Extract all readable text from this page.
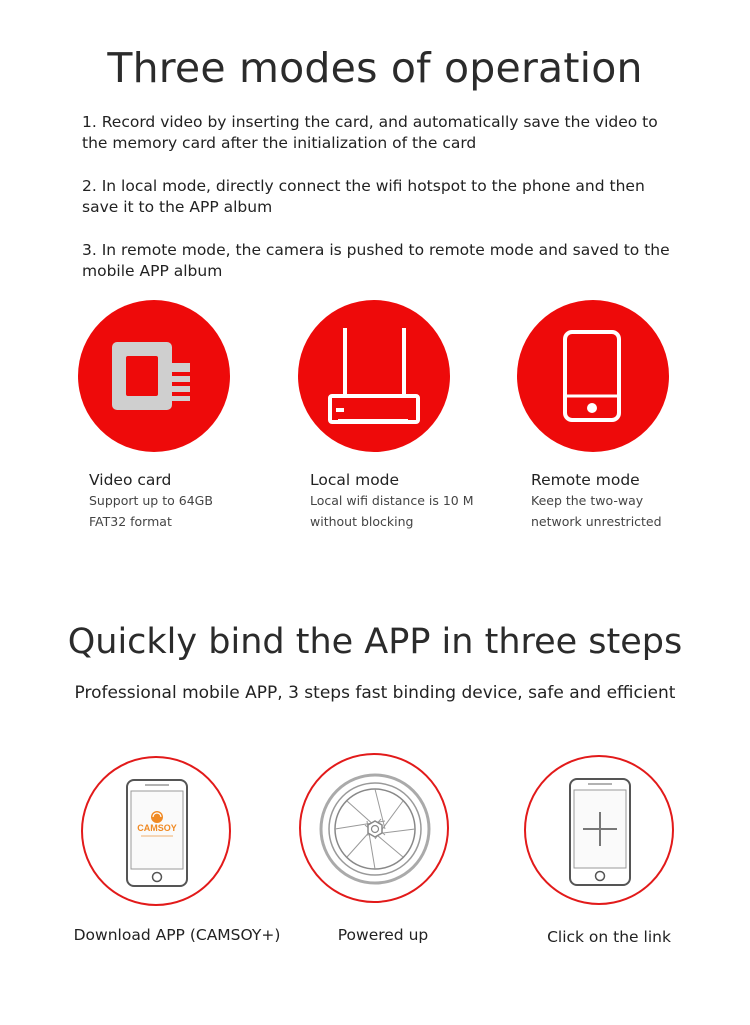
Three modes of operation

1. Record video by inserting the card, and automatically save the video to the memory card after the initialization of the card

2. In local mode, directly connect the wifi hotspot to the phone and then save it to the APP album

3. In remote mode, the camera is pushed to remote mode and saved to the mobile APP album

Video card

Support up to 64GB

FAT32 format

Local mode

Local wifi distance is 10 M

without blocking

Remote mode

Keep the two-way

network unrestricted

Quickly bind the APP in three steps

Professional mobile APP, 3 steps fast binding device, safe and efficient

CAMSOY

Download APP (CAMSOY+)	Powered up	Click on the link
